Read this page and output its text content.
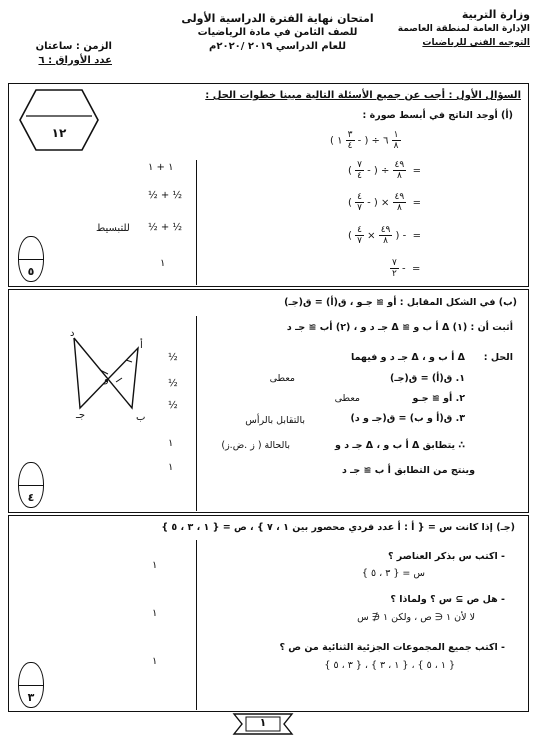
وزارة التربية
الإدارة العامة لمنطقة العاصمة
التوجيه الفني للرياضيات
امتحان نهاية الفترة الدراسية الأولى
للصف الثامن في مادة الرياضيات
للعام الدراسي ٢٠١٩ /٢٠٢٠م
الزمن : ساعتان
عدد الأوراق : ٦
١٢
السؤال الأول : أجب عن جميع الأسئلة التالية مبينا خطوات الحل :
(أ) أوجد الناتج في أبسط صورة :
( ١ $\frac{٣}{٤}$ - ) ÷ ٦ $\frac{١}{٨}$
( $\frac{٧}{٤}$ - ) ÷ $\frac{٤٩}{٨}$ =
( $\frac{٤}{٧}$ - ) × $\frac{٤٩}{٨}$ =
( $\frac{٤}{٧} \times \frac{٤٩}{٨}$ ) -  =
$\frac{٧}{٢}$ -  =
١ + ١
½ + ½
½ + ½
١
للتبسيط
٥
(ب) في الشكل المقابل : أو ≅ جـو ، ق(أ) = ق(جـ)
أثبت أن : (١) Δ أ ب و ≅ Δ جـ د و ، (٢) أب ≅ جـ د
الحل :
Δ أ ب و ، Δ جـ د و فيهما
١. ق(أ) = ق(جـ)
معطى
٢. أو ≅ جـو
معطى
٣. ق(أ و ب) = ق(جـ و د)
بالتقابل بالرأس
∴ يتطابق Δ أ ب و ، Δ جـ د و
بالحالة ( ز .ض.ز)
وينتج من التطابق أ ب ≅ جـ د
½
½
½
١
١
د
أ
و
جـ	ب
٤
(جـ) إذا كانت س = { أ : أ عدد فردي محصور بين ١ ، ٧ } ، ص = { ١ ، ٣ ، ٥ }
- اكتب س بذكر العناصر ؟
س = { ٣ ، ٥ }
- هل ص ⊇ س ؟ ولماذا ؟
لا لأن ١ ∈ ص ، ولكن ١ ∉ س
- اكتب جميع المجموعات الجزئية الثنائية من ص ؟
{ ١ ، ٥ } ، { ١ ، ٣ } ، { ٣ ، ٥ }
١
١
١
٣
١
